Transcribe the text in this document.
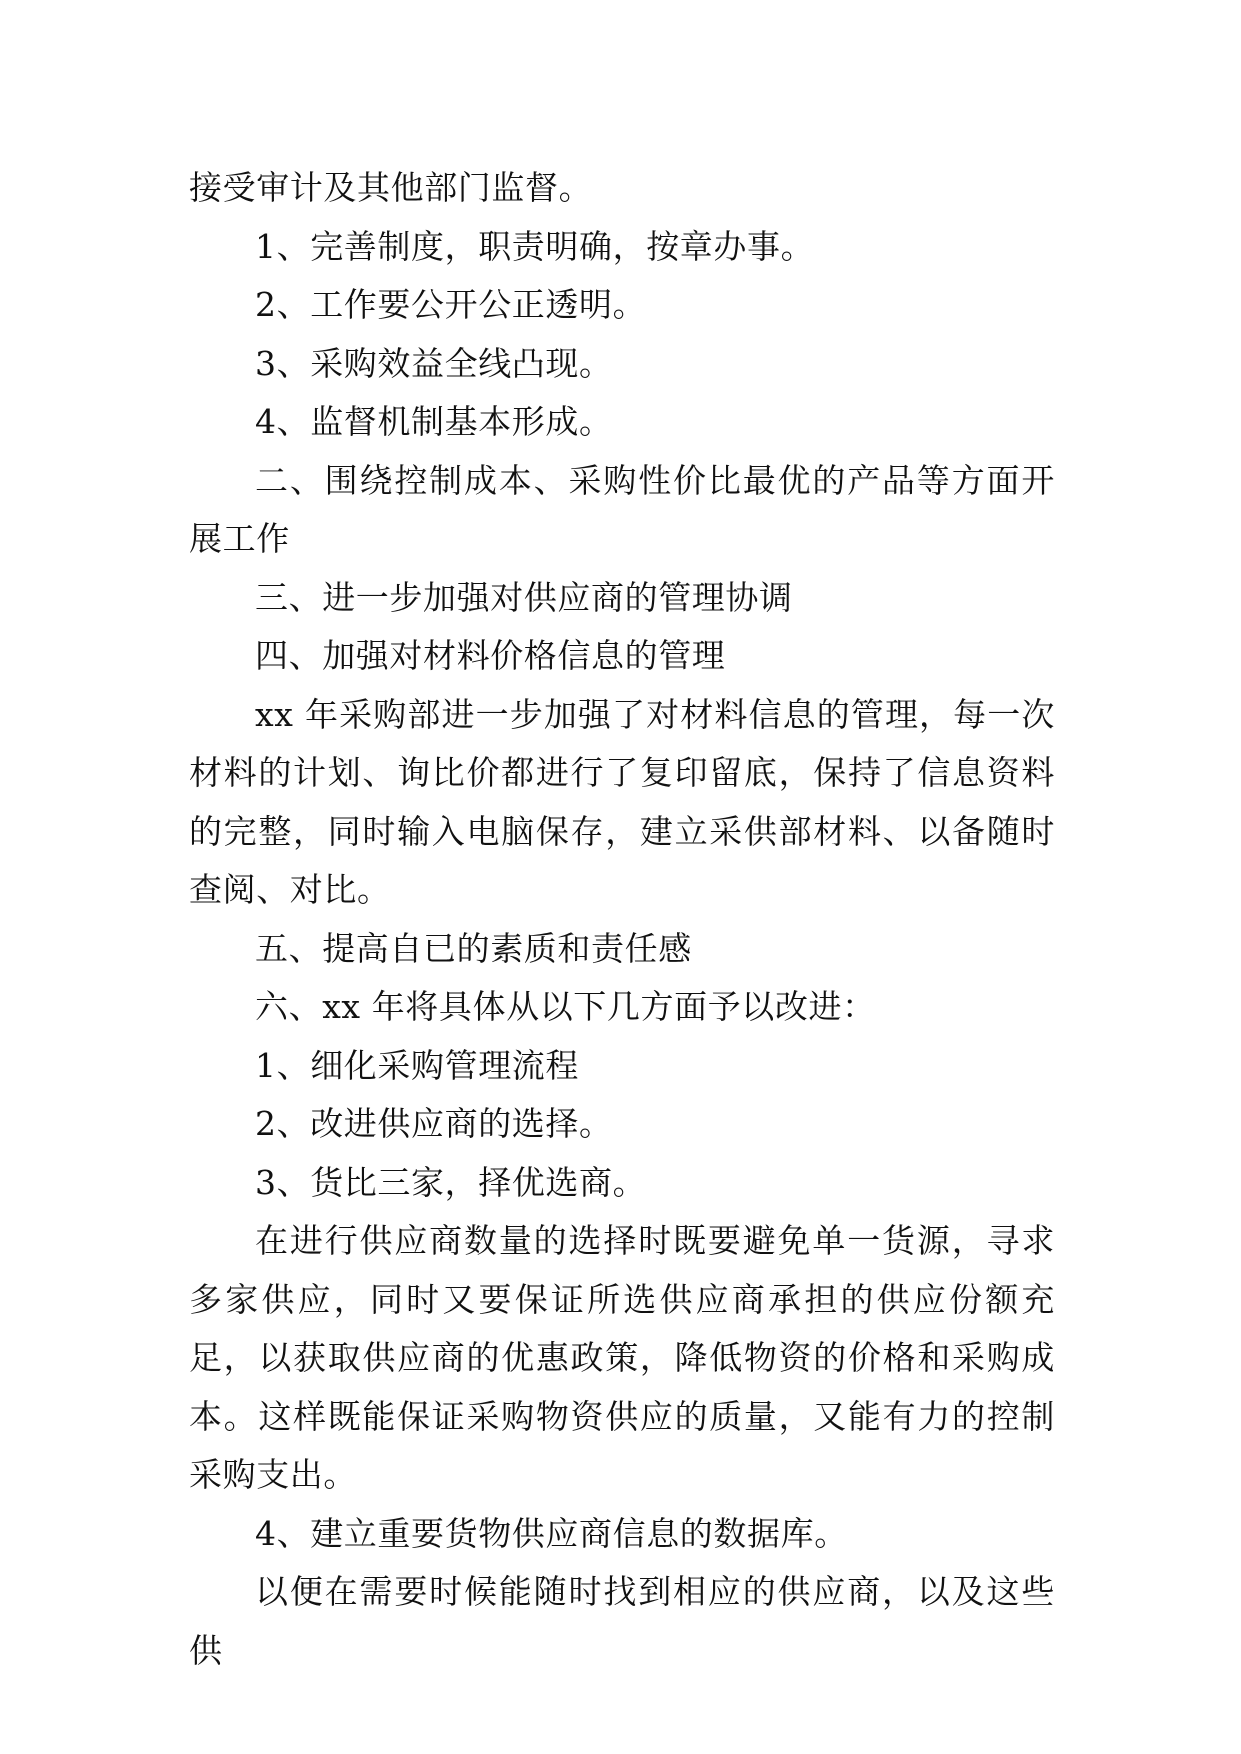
接受审计及其他部门监督。

1、完善制度，职责明确，按章办事。

2、工作要公开公正透明。

3、采购效益全线凸现。

4、监督机制基本形成。

二、围绕控制成本、采购性价比最优的产品等方面开展工作

三、进一步加强对供应商的管理协调

四、加强对材料价格信息的管理

xx 年采购部进一步加强了对材料信息的管理，每一次材料的计划、询比价都进行了复印留底，保持了信息资料的完整，同时输入电脑保存，建立采供部材料、以备随时查阅、对比。

五、提高自已的素质和责任感

六、xx 年将具体从以下几方面予以改进：

1、细化采购管理流程

2、改进供应商的选择。

3、货比三家，择优选商。

在进行供应商数量的选择时既要避免单一货源，寻求多家供应，同时又要保证所选供应商承担的供应份额充足，以获取供应商的优惠政策，降低物资的价格和采购成本。这样既能保证采购物资供应的质量，又能有力的控制采购支出。

4、建立重要货物供应商信息的数据库。

以便在需要时候能随时找到相应的供应商，以及这些供
